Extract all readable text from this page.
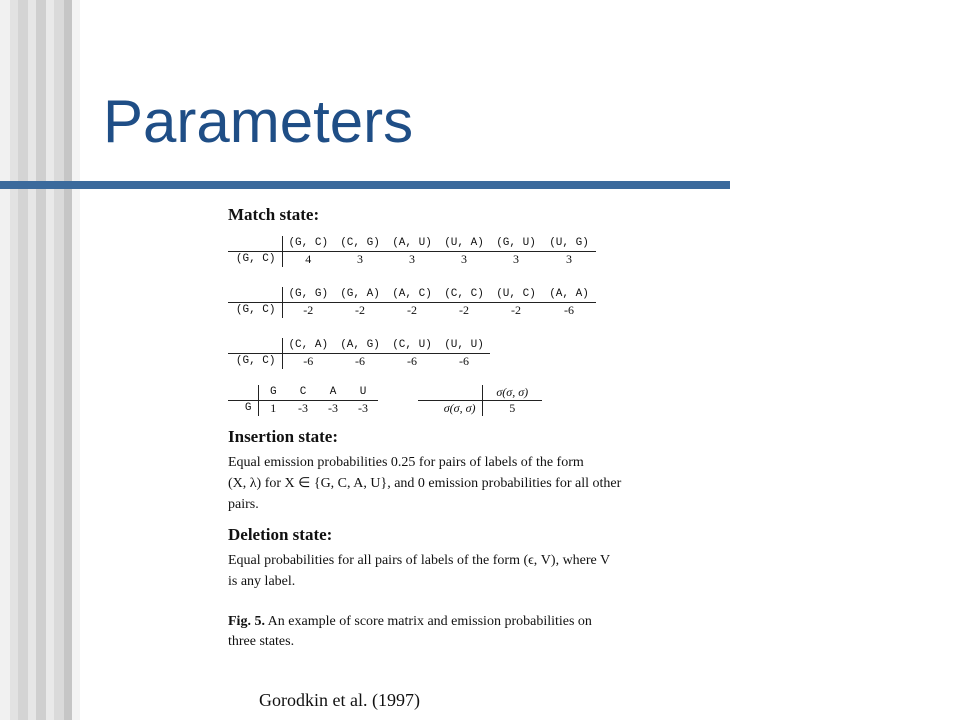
Parameters

Match state:

	(G, C)	(C, G)	(A, U)	(U, A)	(G, U)	(U, G)
(G, C)	4	3	3	3	3	3
	(G, G)	(G, A)	(A, C)	(C, C)	(U, C)	(A, A)
(G, C)	-2	-2	-2	-2	-2	-6
	(C, A)	(A, G)	(C, U)	(U, U)
(G, C)	-6	-6	-6	-6
	G	C	A	U
G	1	-3	-3	-3
	σ(σ, σ)
σ(σ, σ)	5

Insertion state:

Equal emission probabilities 0.25 for pairs of labels of the form

(X, λ) for X ∈ {G, C, A, U}, and 0 emission probabilities for all other

pairs.

Deletion state:

Equal probabilities for all pairs of labels of the form (ϵ, V), where V

is any label.

Fig. 5. An example of score matrix and emission probabilities on

three states.

Gorodkin et al. (1997)
